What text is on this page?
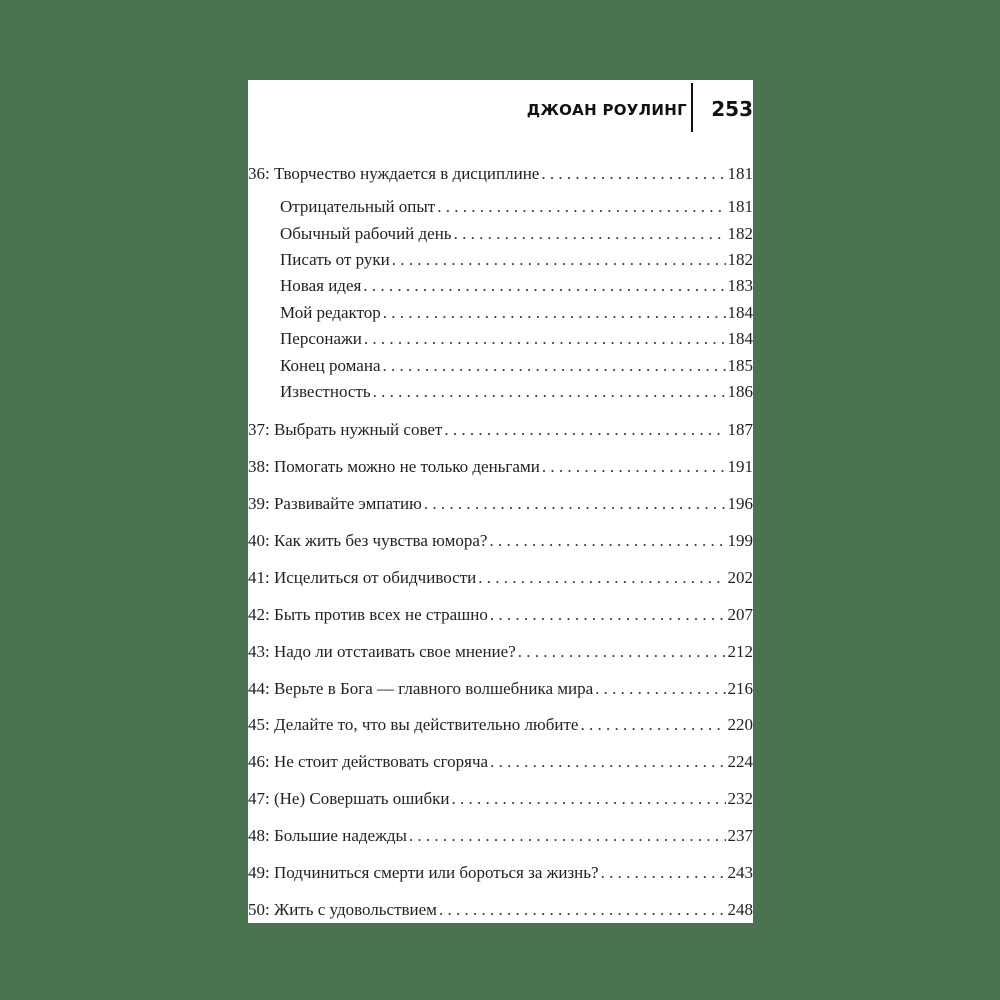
ДЖОАН РОУЛИНГ 253
36: Творчество нуждается в дисциплине . . .	181
Отрицательный опыт . . .	181
Обычный рабочий день . . .	182
Писать от руки . . .	182
Новая идея . . .	183
Мой редактор . . .	184
Персонажи . . .	184
Конец романа . . .	185
Известность . . .	186
37: Выбрать нужный совет . . .	187
38: Помогать можно не только деньгами . . .	191
39: Развивайте эмпатию . . .	196
40: Как жить без чувства юмора? . . .	199
41: Исцелиться от обидчивости . . .	202
42: Быть против всех не страшно . . .	207
43: Надо ли отстаивать свое мнение? . . .	212
44: Верьте в Бога — главного волшебника мира . . .	216
45: Делайте то, что вы действительно любите . . .	220
46: Не стоит действовать сгоряча . . .	224
47: (Не) Совершать ошибки . . .	232
48: Большие надежды . . .	237
49: Подчиниться смерти или бороться за жизнь? . . .	243
50: Жить с удовольствием . . .	248
